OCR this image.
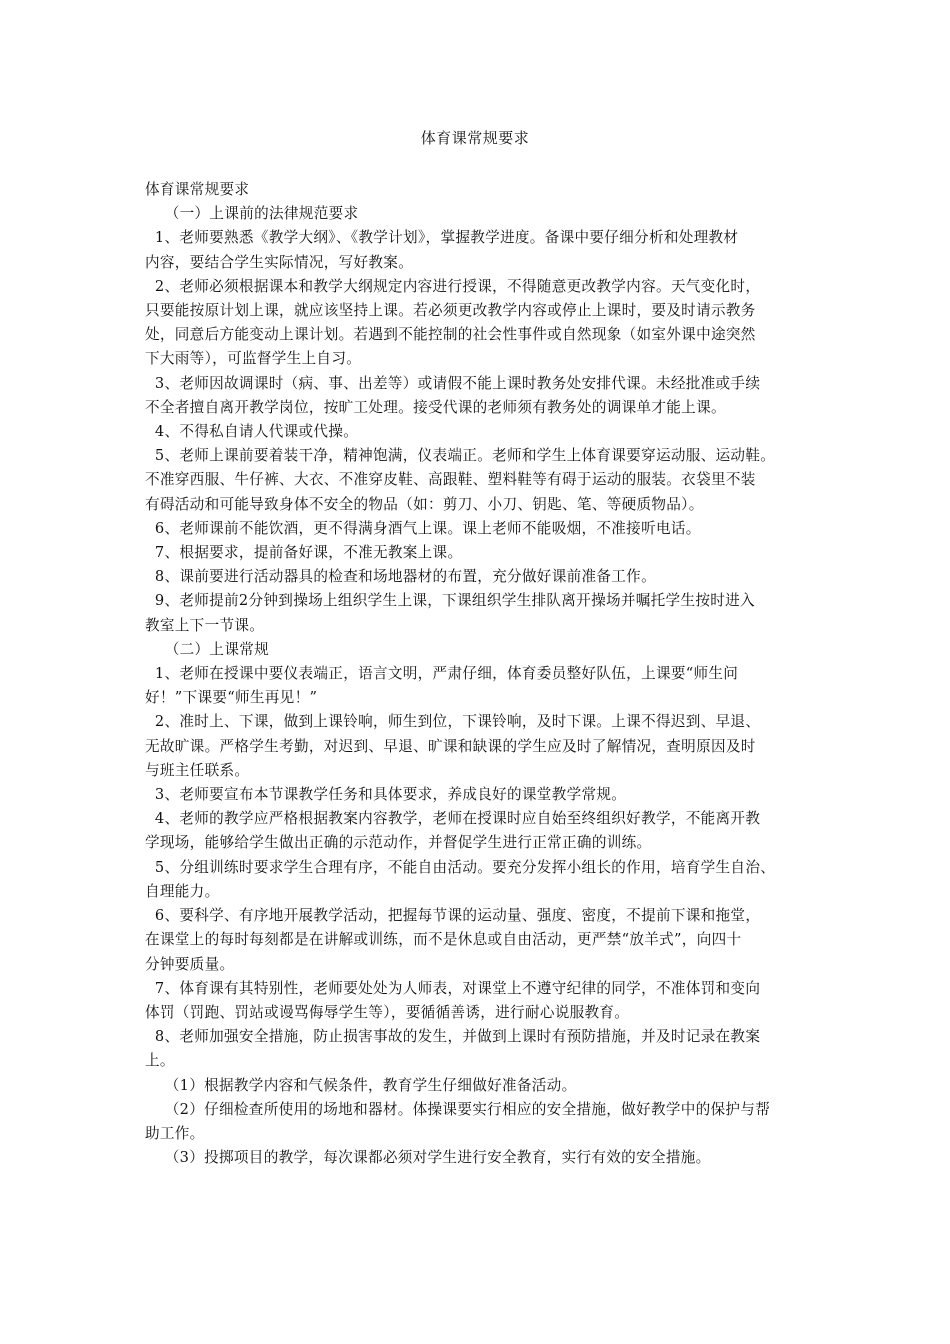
体育课常规要求

体育课常规要求

（一）上课前的法律规范要求

1、老师要熟悉《教学大纲》、《教学计划》，掌握教学进度。备课中要仔细分析和处理教材

内容，要结合学生实际情况，写好教案。

2、老师必须根据课本和教学大纲规定内容进行授课，不得随意更改教学内容。天气变化时，

只要能按原计划上课，就应该坚持上课。若必须更改教学内容或停止上课时，要及时请示教务

处，同意后方能变动上课计划。若遇到不能控制的社会性事件或自然现象（如室外课中途突然

下大雨等），可监督学生上自习。

3、老师因故调课时（病、事、出差等）或请假不能上课时教务处安排代课。未经批准或手续

不全者擅自离开教学岗位，按旷工处理。接受代课的老师须有教务处的调课单才能上课。

4、不得私自请人代课或代操。

5、老师上课前要着装干净，精神饱满，仪表端正。老师和学生上体育课要穿运动服、运动鞋。

不准穿西服、牛仔裤、大衣、不准穿皮鞋、高跟鞋、塑料鞋等有碍于运动的服装。衣袋里不装

有碍活动和可能导致身体不安全的物品（如：剪刀、小刀、钥匙、笔、等硬质物品）。

6、老师课前不能饮酒，更不得满身酒气上课。课上老师不能吸烟，不准接听电话。

7、根据要求，提前备好课，不准无教案上课。

8、课前要进行活动器具的检查和场地器材的布置，充分做好课前准备工作。

9、老师提前2分钟到操场上组织学生上课，下课组织学生排队离开操场并嘱托学生按时进入

教室上下一节课。

（二）上课常规

1、老师在授课中要仪表端正，语言文明，严肃仔细，体育委员整好队伍，上课要“师生问

好！”下课要“师生再见！”

2、准时上、下课，做到上课铃响，师生到位，下课铃响，及时下课。上课不得迟到、早退、

无故旷课。严格学生考勤，对迟到、早退、旷课和缺课的学生应及时了解情况，查明原因及时

与班主任联系。

3、老师要宣布本节课教学任务和具体要求，养成良好的课堂教学常规。

4、老师的教学应严格根据教案内容教学，老师在授课时应自始至终组织好教学，不能离开教

学现场，能够给学生做出正确的示范动作，并督促学生进行正常正确的训练。

5、分组训练时要求学生合理有序，不能自由活动。要充分发挥小组长的作用，培育学生自治、

自理能力。

6、要科学、有序地开展教学活动，把握每节课的运动量、强度、密度，不提前下课和拖堂，

在课堂上的每时每刻都是在讲解或训练，而不是休息或自由活动，更严禁“放羊式”，向四十

分钟要质量。

7、体育课有其特别性，老师要处处为人师表，对课堂上不遵守纪律的同学，不准体罚和变向

体罚（罚跑、罚站或谩骂侮辱学生等），要循循善诱，进行耐心说服教育。

8、老师加强安全措施，防止损害事故的发生，并做到上课时有预防措施，并及时记录在教案

上。

（1）根据教学内容和气候条件，教育学生仔细做好准备活动。

（2）仔细检查所使用的场地和器材。体操课要实行相应的安全措施，做好教学中的保护与帮

助工作。

（3）投掷项目的教学，每次课都必须对学生进行安全教育，实行有效的安全措施。
